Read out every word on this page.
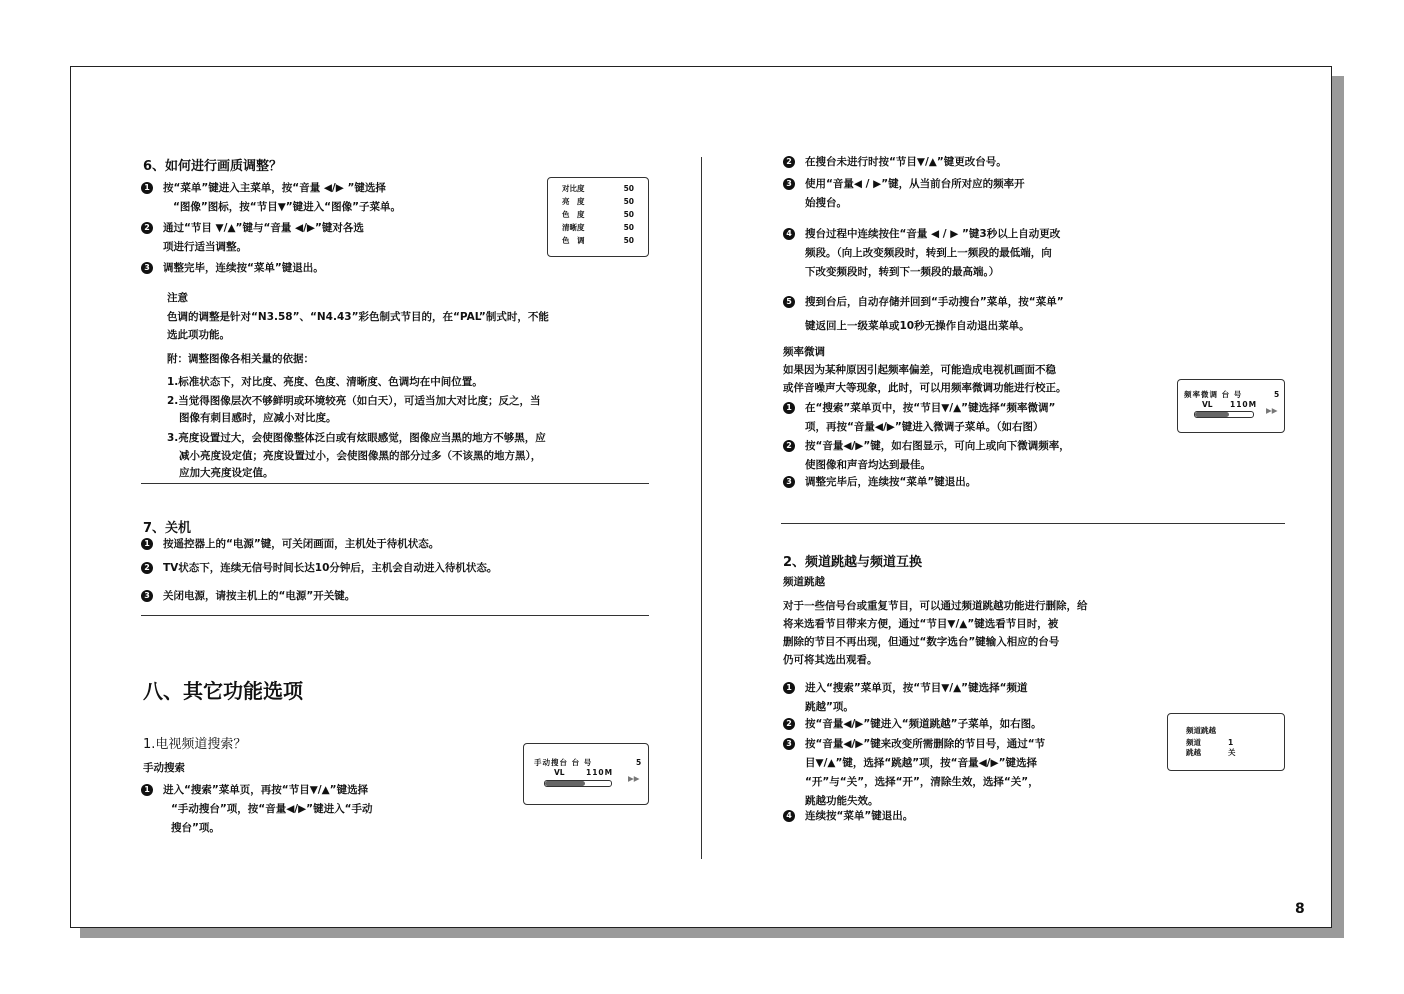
6、如何进行画质调整？
1	按“菜单”键进入主菜单，按“音量 ◀/▶ ”键选择
“图像”图标，按“节目▼”键进入“图像”子菜单。
2	通过“节目 ▼/▲”键与“音量 ◀/▶”键对各选
项进行适当调整。
3	调整完毕，连续按“菜单”键退出。
对比度	50
亮　度	50
色　度	50
清晰度	50
色　调	50
注意
色调的调整是针对“N3.58”、“N4.43”彩色制式节目的，在“PAL”制式时，不能
选此项功能。
附：调整图像各相关量的依据：
1.标准状态下，对比度、亮度、色度、清晰度、色调均在中间位置。
2.当觉得图像层次不够鲜明或环境较亮（如白天），可适当加大对比度；反之，当
图像有刺目感时，应减小对比度。
3.亮度设置过大，会使图像整体泛白或有炫眼感觉，图像应当黑的地方不够黑，应
减小亮度设定值；亮度设置过小，会使图像黑的部分过多（不该黑的地方黑），
应加大亮度设定值。
7、关机
1	按遥控器上的“电源”键，可关闭画面，主机处于待机状态。
2	TV状态下，连续无信号时间长达10分钟后，主机会自动进入待机状态。
3	关闭电源，请按主机上的“电源”开关键。
八、其它功能选项
1.电视频道搜索？
手动搜索
1	进入“搜索”菜单页，再按“节目▼/▲”键选择
“手动搜台”项，按“音量◀/▶”键进入“手动
搜台”项。
手动搜台 台 号	5
VL	110M
▶▶
2	在搜台未进行时按“节目▼/▲”键更改台号。
3	使用“音量◀ / ▶”键，从当前台所对应的频率开
始搜台。
4	搜台过程中连续按住“音量 ◀ / ▶ ”键3秒以上自动更改
频段。（向上改变频段时，转到上一频段的最低端，向
下改变频段时，转到下一频段的最高端。）
5	搜到台后，自动存储并回到“手动搜台”菜单，按“菜单”
键返回上一级菜单或10秒无操作自动退出菜单。
频率微调
如果因为某种原因引起频率偏差，可能造成电视机画面不稳
或伴音噪声大等现象，此时，可以用频率微调功能进行校正。
1	在“搜索”菜单页中，按“节目▼/▲”键选择“频率微调”
项，再按“音量◀/▶”键进入微调子菜单。（如右图）
2	按“音量◀/▶”键，如右图显示，可向上或向下微调频率，
使图像和声音均达到最佳。
3	调整完毕后，连续按“菜单”键退出。
频率微调 台 号	5
VL 110M
▶▶
2、频道跳越与频道互换
频道跳越
对于一些信号台或重复节目，可以通过频道跳越功能进行删除，给
将来选看节目带来方便，通过“节目▼/▲”键选看节目时，被
删除的节目不再出现，但通过“数字选台”键输入相应的台号
仍可将其选出观看。
1	进入“搜索”菜单页，按“节目▼/▲”键选择“频道
跳越”项。
2	按“音量◀/▶”键进入“频道跳越”子菜单，如右图。
3	按“音量◀/▶”键来改变所需删除的节目号，通过“节
目▼/▲”键，选择“跳越”项，按“音量◀/▶”键选择
“开”与“关”，选择“开”，清除生效，选择“关”，
跳越功能失效。
4	连续按“菜单”键退出。
频道跳越
频道	1
跳越	关
8
